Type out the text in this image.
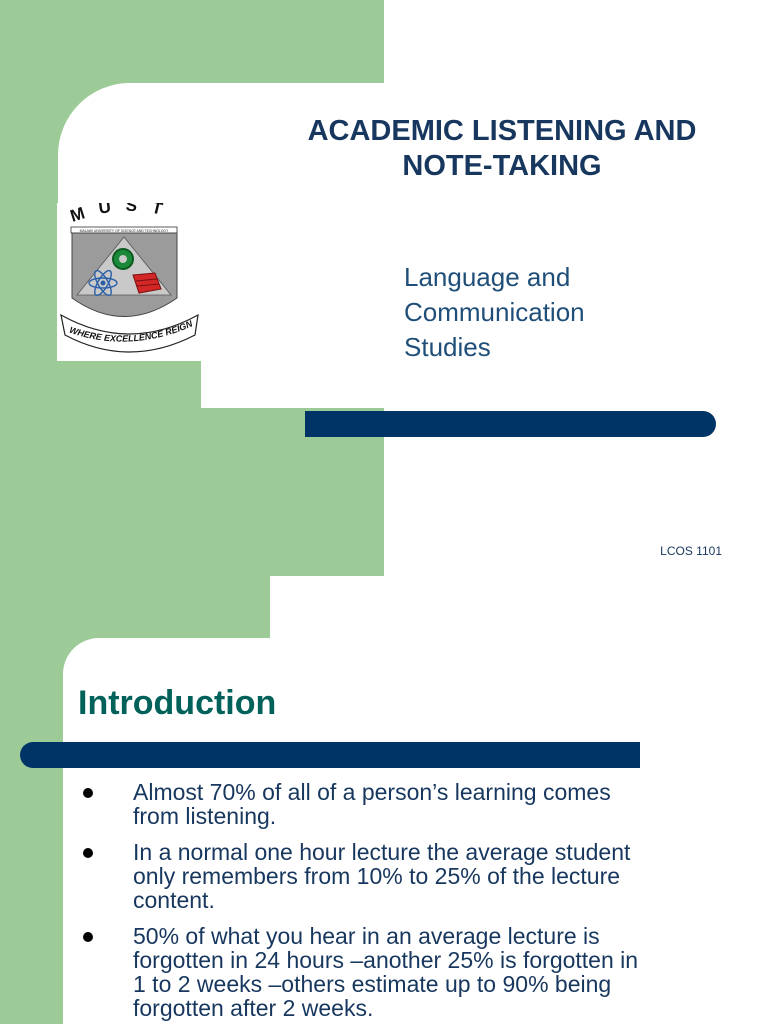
MUST
MALAWI UNIVERSITY OF SCIENCE AND TECHNOLOGY
WHERE EXCELLENCE REIGN
ACADEMIC LISTENING AND NOTE-TAKING
Language and
Communication
Studies
LCOS 1101
Introduction
Almost 70% of all of a person’s learning comes
from listening.
In a normal one hour lecture the average student
only remembers from 10% to 25% of the lecture
content.
50% of what you hear in an average lecture is
forgotten in 24 hours –another 25% is forgotten in
1 to 2 weeks –others estimate up to 90% being
forgotten after 2 weeks.
